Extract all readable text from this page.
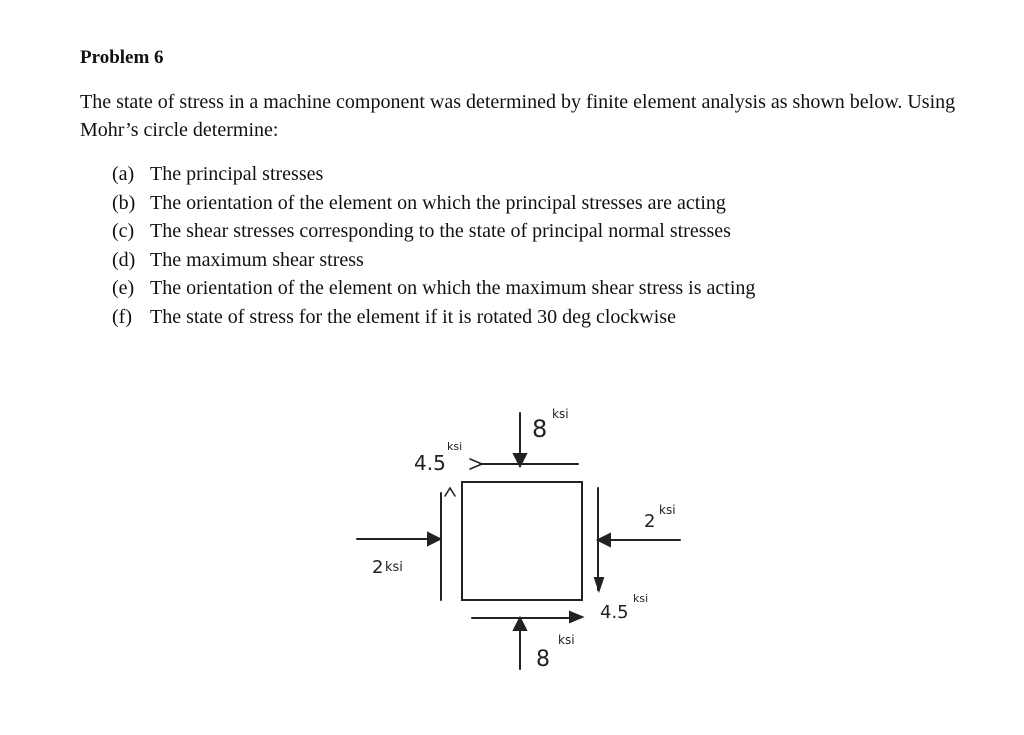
Problem 6

The state of stress in a machine component was determined by finite element analysis as shown below. Using Mohr’s circle determine:

(a) The principal stresses
(b) The orientation of the element on which the principal stresses are acting
(c) The shear stresses corresponding to the state of principal normal stresses
(d) The maximum shear stress
(e) The orientation of the element on which the maximum shear stress is acting
(f) The state of stress for the element if it is rotated 30 deg clockwise
8
ksi
4.5
ksi
2 ksi
2
ksi
4.5
ksi
8
ksi
